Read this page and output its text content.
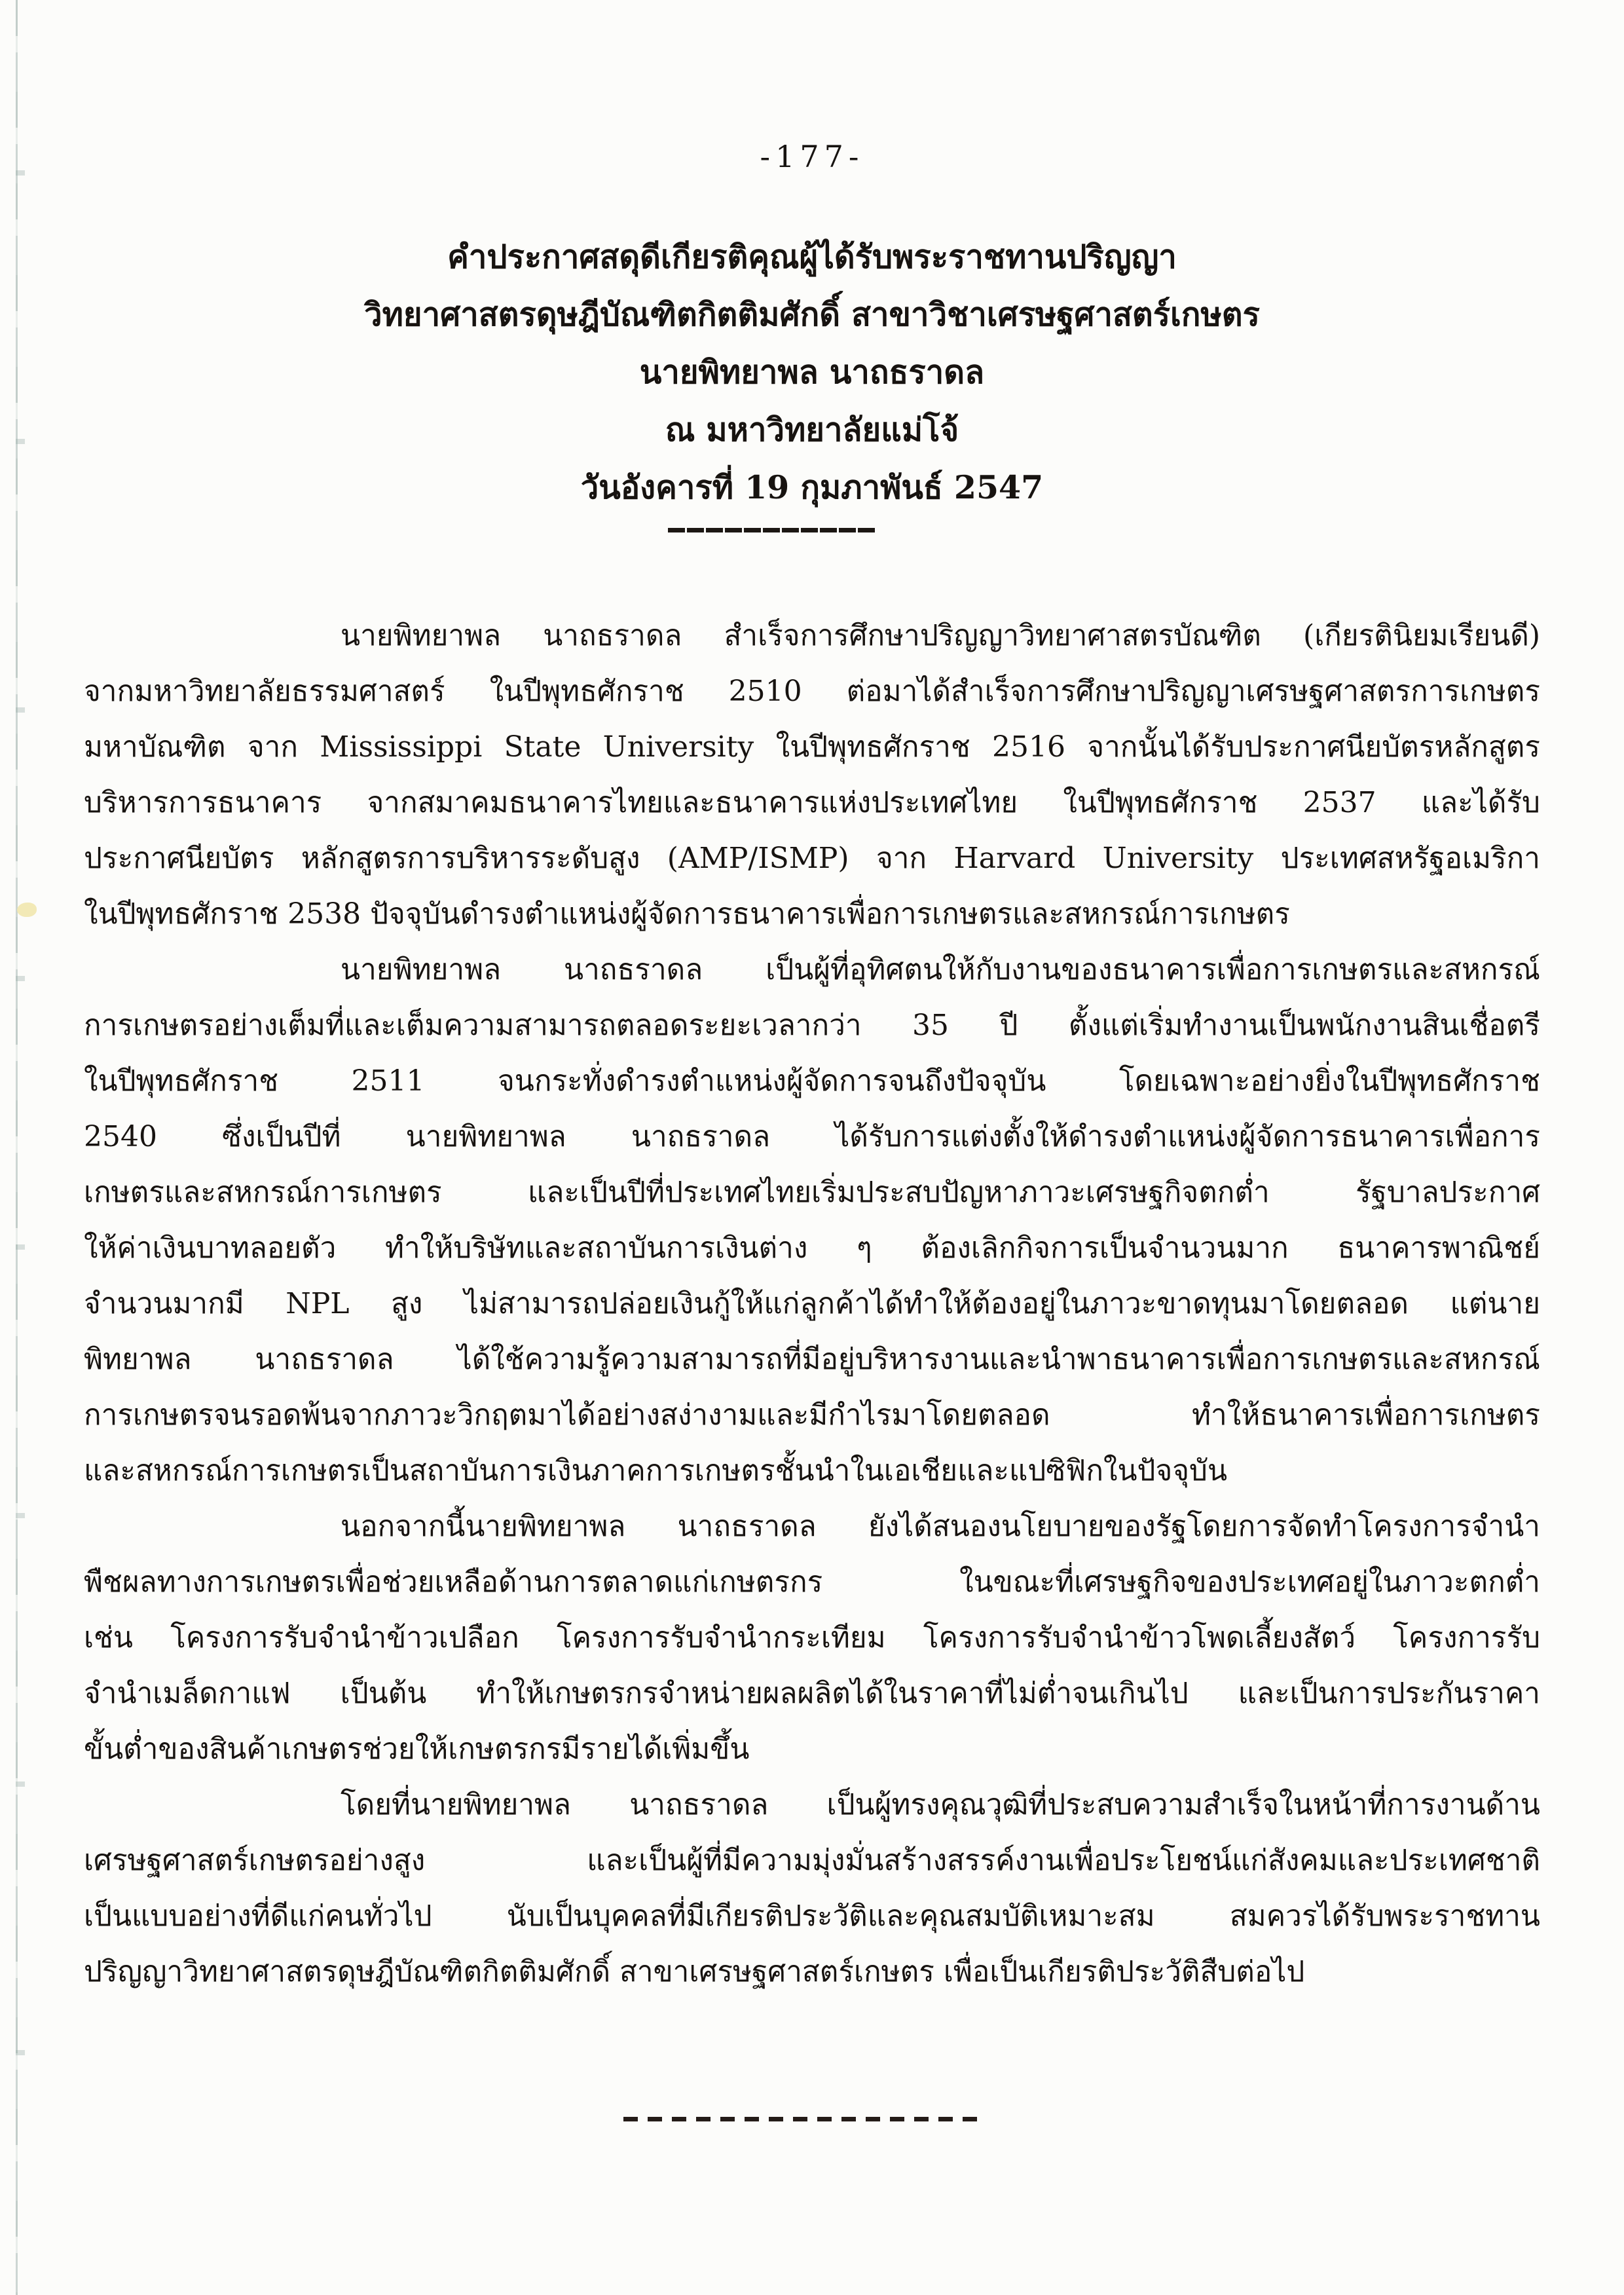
-177-
คำประกาศสดุดีเกียรติคุณผู้ได้รับพระราชทานปริญญา
วิทยาศาสตรดุษฎีบัณฑิตกิตติมศักดิ์ สาขาวิชาเศรษฐศาสตร์เกษตร
นายพิทยาพล นาถธราดล
ณ มหาวิทยาลัยแม่โจ้
วันอังคารที่ 19 กุมภาพันธ์ 2547
นายพิทยาพล นาถธราดล สำเร็จการศึกษาปริญญาวิทยาศาสตรบัณฑิต (เกียรตินิยมเรียนดี)
จากมหาวิทยาลัยธรรมศาสตร์ ในปีพุทธศักราช 2510 ต่อมาได้สำเร็จการศึกษาปริญญาเศรษฐศาสตรการเกษตร
มหาบัณฑิต จาก Mississippi State University ในปีพุทธศักราช 2516 จากนั้นได้รับประกาศนียบัตรหลักสูตร
บริหารการธนาคาร จากสมาคมธนาคารไทยและธนาคารแห่งประเทศไทย ในปีพุทธศักราช 2537 และได้รับ
ประกาศนียบัตร หลักสูตรการบริหารระดับสูง (AMP/ISMP) จาก Harvard University ประเทศสหรัฐอเมริกา
ในปีพุทธศักราช 2538 ปัจจุบันดำรงตำแหน่งผู้จัดการธนาคารเพื่อการเกษตรและสหกรณ์การเกษตร
นายพิทยาพล นาถธราดล เป็นผู้ที่อุทิศตนให้กับงานของธนาคารเพื่อการเกษตรและสหกรณ์
การเกษตรอย่างเต็มที่และเต็มความสามารถตลอดระยะเวลากว่า 35 ปี ตั้งแต่เริ่มทำงานเป็นพนักงานสินเชื่อตรี
ในปีพุทธศักราช 2511 จนกระทั่งดำรงตำแหน่งผู้จัดการจนถึงปัจจุบัน โดยเฉพาะอย่างยิ่งในปีพุทธศักราช
2540 ซึ่งเป็นปีที่ นายพิทยาพล นาถธราดล ได้รับการแต่งตั้งให้ดำรงตำแหน่งผู้จัดการธนาคารเพื่อการ
เกษตรและสหกรณ์การเกษตร และเป็นปีที่ประเทศไทยเริ่มประสบปัญหาภาวะเศรษฐกิจตกต่ำ รัฐบาลประกาศ
ให้ค่าเงินบาทลอยตัว ทำให้บริษัทและสถาบันการเงินต่าง ๆ ต้องเลิกกิจการเป็นจำนวนมาก ธนาคารพาณิชย์
จำนวนมากมี NPL สูง ไม่สามารถปล่อยเงินกู้ให้แก่ลูกค้าได้ทำให้ต้องอยู่ในภาวะขาดทุนมาโดยตลอด แต่นาย
พิทยาพล นาถธราดล ได้ใช้ความรู้ความสามารถที่มีอยู่บริหารงานและนำพาธนาคารเพื่อการเกษตรและสหกรณ์
การเกษตรจนรอดพ้นจากภาวะวิกฤตมาได้อย่างสง่างามและมีกำไรมาโดยตลอด ทำให้ธนาคารเพื่อการเกษตร
และสหกรณ์การเกษตรเป็นสถาบันการเงินภาคการเกษตรชั้นนำในเอเชียและแปซิฟิกในปัจจุบัน
นอกจากนี้นายพิทยาพล นาถธราดล ยังได้สนองนโยบายของรัฐโดยการจัดทำโครงการจำนำ
พืชผลทางการเกษตรเพื่อช่วยเหลือด้านการตลาดแก่เกษตรกร ในขณะที่เศรษฐกิจของประเทศอยู่ในภาวะตกต่ำ
เช่น โครงการรับจำนำข้าวเปลือก โครงการรับจำนำกระเทียม โครงการรับจำนำข้าวโพดเลี้ยงสัตว์ โครงการรับ
จำนำเมล็ดกาแฟ เป็นต้น ทำให้เกษตรกรจำหน่ายผลผลิตได้ในราคาที่ไม่ต่ำจนเกินไป และเป็นการประกันราคา
ขั้นต่ำของสินค้าเกษตรช่วยให้เกษตรกรมีรายได้เพิ่มขึ้น
โดยที่นายพิทยาพล นาถธราดล เป็นผู้ทรงคุณวุฒิที่ประสบความสำเร็จในหน้าที่การงานด้าน
เศรษฐศาสตร์เกษตรอย่างสูง และเป็นผู้ที่มีความมุ่งมั่นสร้างสรรค์งานเพื่อประโยชน์แก่สังคมและประเทศชาติ
เป็นแบบอย่างที่ดีแก่คนทั่วไป นับเป็นบุคคลที่มีเกียรติประวัติและคุณสมบัติเหมาะสม สมควรได้รับพระราชทาน
ปริญญาวิทยาศาสตรดุษฎีบัณฑิตกิตติมศักดิ์ สาขาเศรษฐศาสตร์เกษตร เพื่อเป็นเกียรติประวัติสืบต่อไป
